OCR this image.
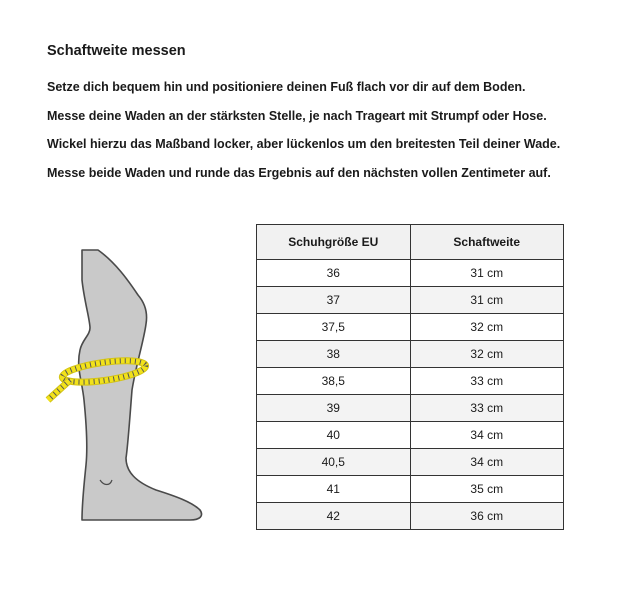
Schaftweite messen

Setze dich bequem hin und positioniere deinen Fuß flach vor dir auf dem Boden.

Messe deine Waden an der stärksten Stelle, je nach Trageart mit Strumpf oder Hose.

Wickel hierzu das Maßband locker, aber lückenlos um den breitesten Teil deiner Wade.

Messe beide Waden und runde das Ergebnis auf den nächsten vollen Zentimeter auf.

Schuhgröße EU	Schaftweite
36	31 cm
37	31 cm
37,5	32 cm
38	32 cm
38,5	33 cm
39	33 cm
40	34 cm
40,5	34 cm
41	35 cm
42	36 cm
